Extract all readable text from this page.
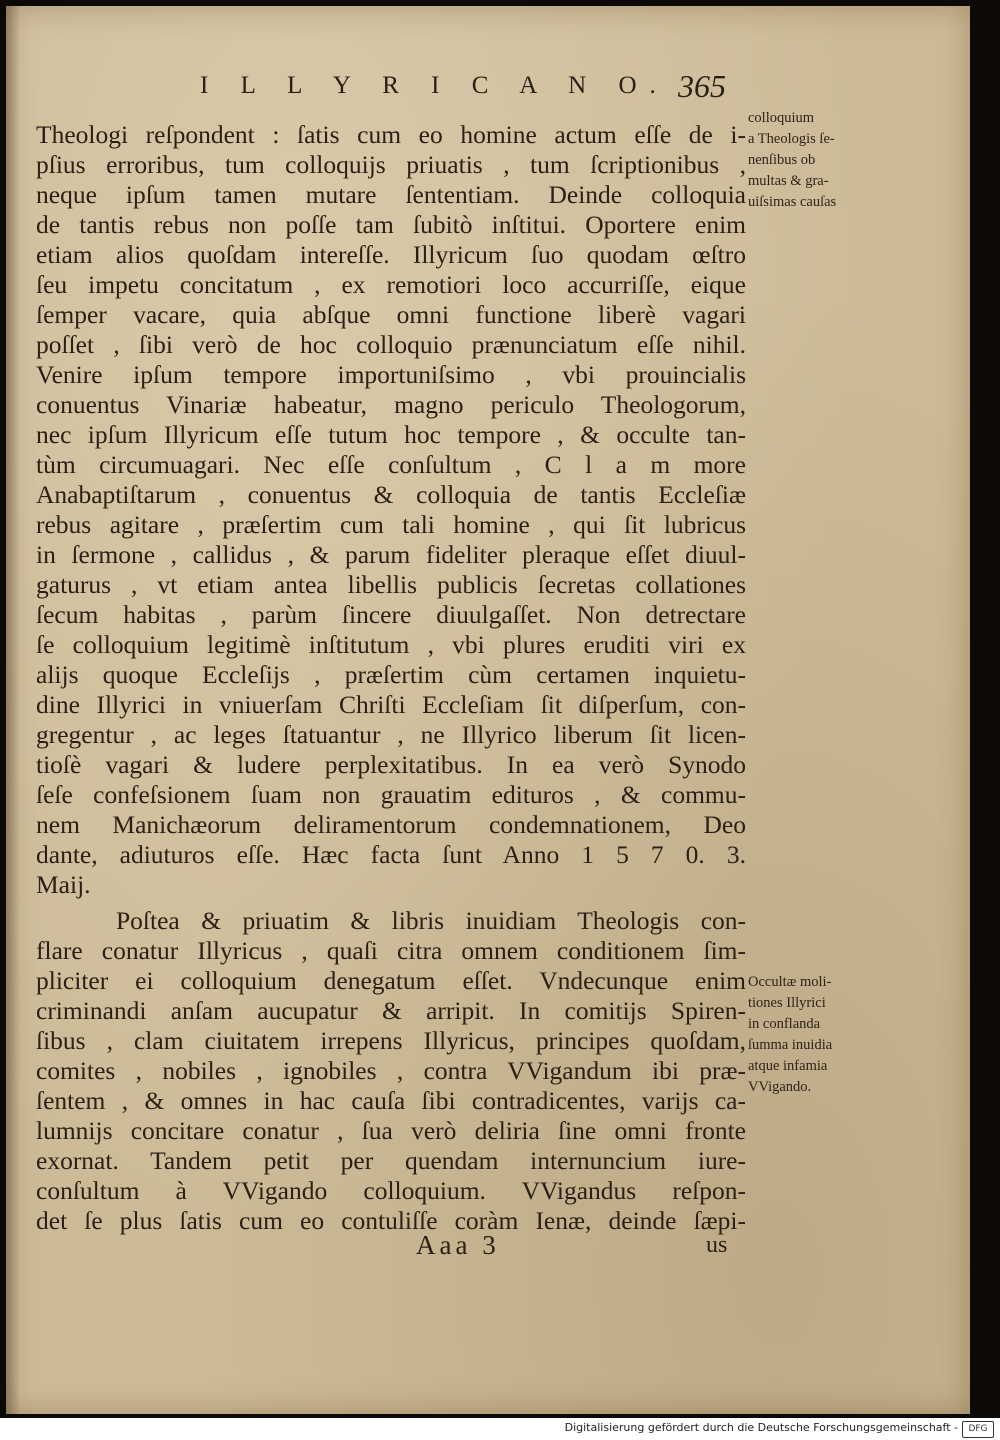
I L L Y R I C A N O. 365
Theologi reſpondent : ſatis cum eo homine actum eſſe de i-
pſius erroribus, tum colloquijs priuatis , tum ſcriptionibus ,
neque ipſum tamen mutare ſententiam. Deinde colloquia
de tantis rebus non poſſe tam ſubitò inſtitui. Oportere enim
etiam alios quoſdam intereſſe. Illyricum ſuo quodam œſtro
ſeu impetu concitatum , ex remotiori loco accurriſſe, eique
ſemper vacare, quia abſque omni functione liberè vagari
poſſet , ſibi verò de hoc colloquio prænunciatum eſſe nihil.
Venire ipſum tempore importuniſsimo , vbi prouincialis
conuentus Vinariæ habeatur, magno periculo Theologorum,
nec ipſum Illyricum eſſe tutum hoc tempore , & occulte tan-
tùm circumuagari. Nec eſſe conſultum , C l a m more
Anabaptiſtarum , conuentus & colloquia de tantis Eccleſiæ
rebus agitare , præſertim cum tali homine , qui ſit lubricus
in ſermone , callidus , & parum fideliter pleraque eſſet diuul-
gaturus , vt etiam antea libellis publicis ſecretas collationes
ſecum habitas , parùm ſincere diuulgaſſet. Non detrectare
ſe colloquium legitimè inſtitutum , vbi plures eruditi viri ex
alijs quoque Eccleſijs , præſertim cùm certamen inquietu-
dine Illyrici in vniuerſam Chriſti Eccleſiam ſit diſperſum, con-
gregentur , ac leges ſtatuantur , ne Illyrico liberum ſit licen-
tioſè vagari & ludere perplexitatibus. In ea verò Synodo
ſeſe confeſsionem ſuam non grauatim edituros , & commu-
nem Manichæorum deliramentorum condemnationem, Deo
dante, adiuturos eſſe. Hæc facta ſunt Anno 1 5 7 0. 3.
Maij.
Poſtea & priuatim & libris inuidiam Theologis con-
flare conatur Illyricus , quaſi citra omnem conditionem ſim-
pliciter ei colloquium denegatum eſſet. Vndecunque enim
criminandi anſam aucupatur & arripit. In comitijs Spiren-
ſibus , clam ciuitatem irrepens Illyricus, principes quoſdam,
comites , nobiles , ignobiles , contra VVigandum ibi præ-
ſentem , & omnes in hac cauſa ſibi contradicentes, varijs ca-
lumnijs concitare conatur , ſua verò deliria ſine omni fronte
exornat. Tandem petit per quendam internuncium iure-
conſultum à VVigando colloquium. VVigandus reſpon-
det ſe plus ſatis cum eo contuliſſe coràm Ienæ, deinde ſæpi-
colloquium
a Theologis ſe-
nenſibus ob
multas & gra-
uiſsimas cauſas
Occultæ moli-
tiones Illyrici
in conflanda
ſumma inuidia
atque infamia
VVigando.
Aaa 3	us
Digitalisierung gefördert durch die Deutsche Forschungsgemeinschaft -	DFG
